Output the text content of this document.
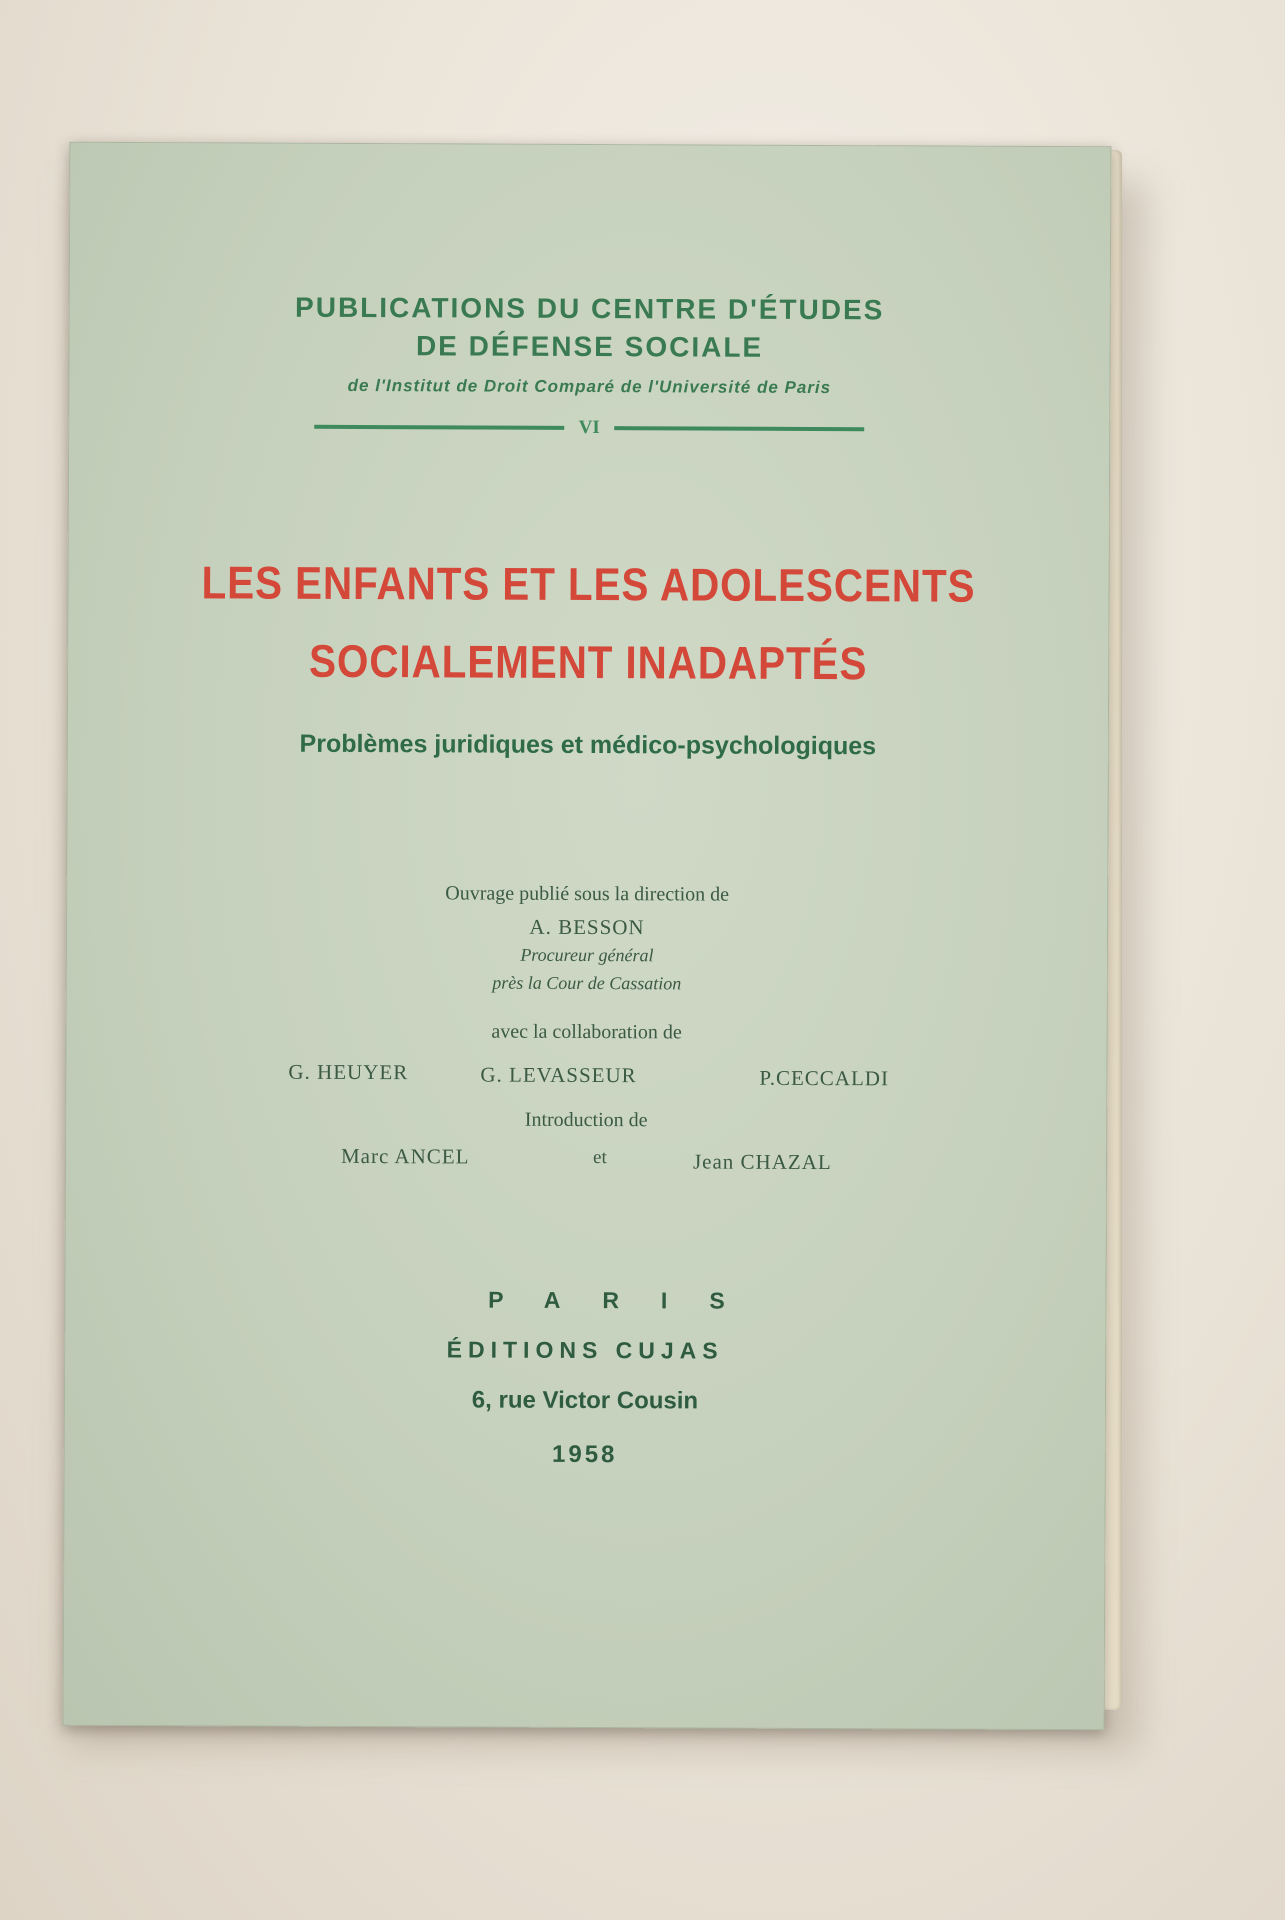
PUBLICATIONS DU CENTRE D'ÉTUDES
DE DÉFENSE SOCIALE
de l'Institut de Droit Comparé de l'Université de Paris
VI
LES ENFANTS ET LES ADOLESCENTS
SOCIALEMENT INADAPTÉS
Problèmes juridiques et médico-psychologiques
Ouvrage publié sous la direction de
A. BESSON
Procureur général
près la Cour de Cassation
avec la collaboration de
G. HEUYER	G. LEVASSEUR	P.CECCALDI
Introduction de
Marc ANCEL	et	Jean CHAZAL
PARIS
ÉDITIONS CUJAS
6, rue Victor Cousin
1958
